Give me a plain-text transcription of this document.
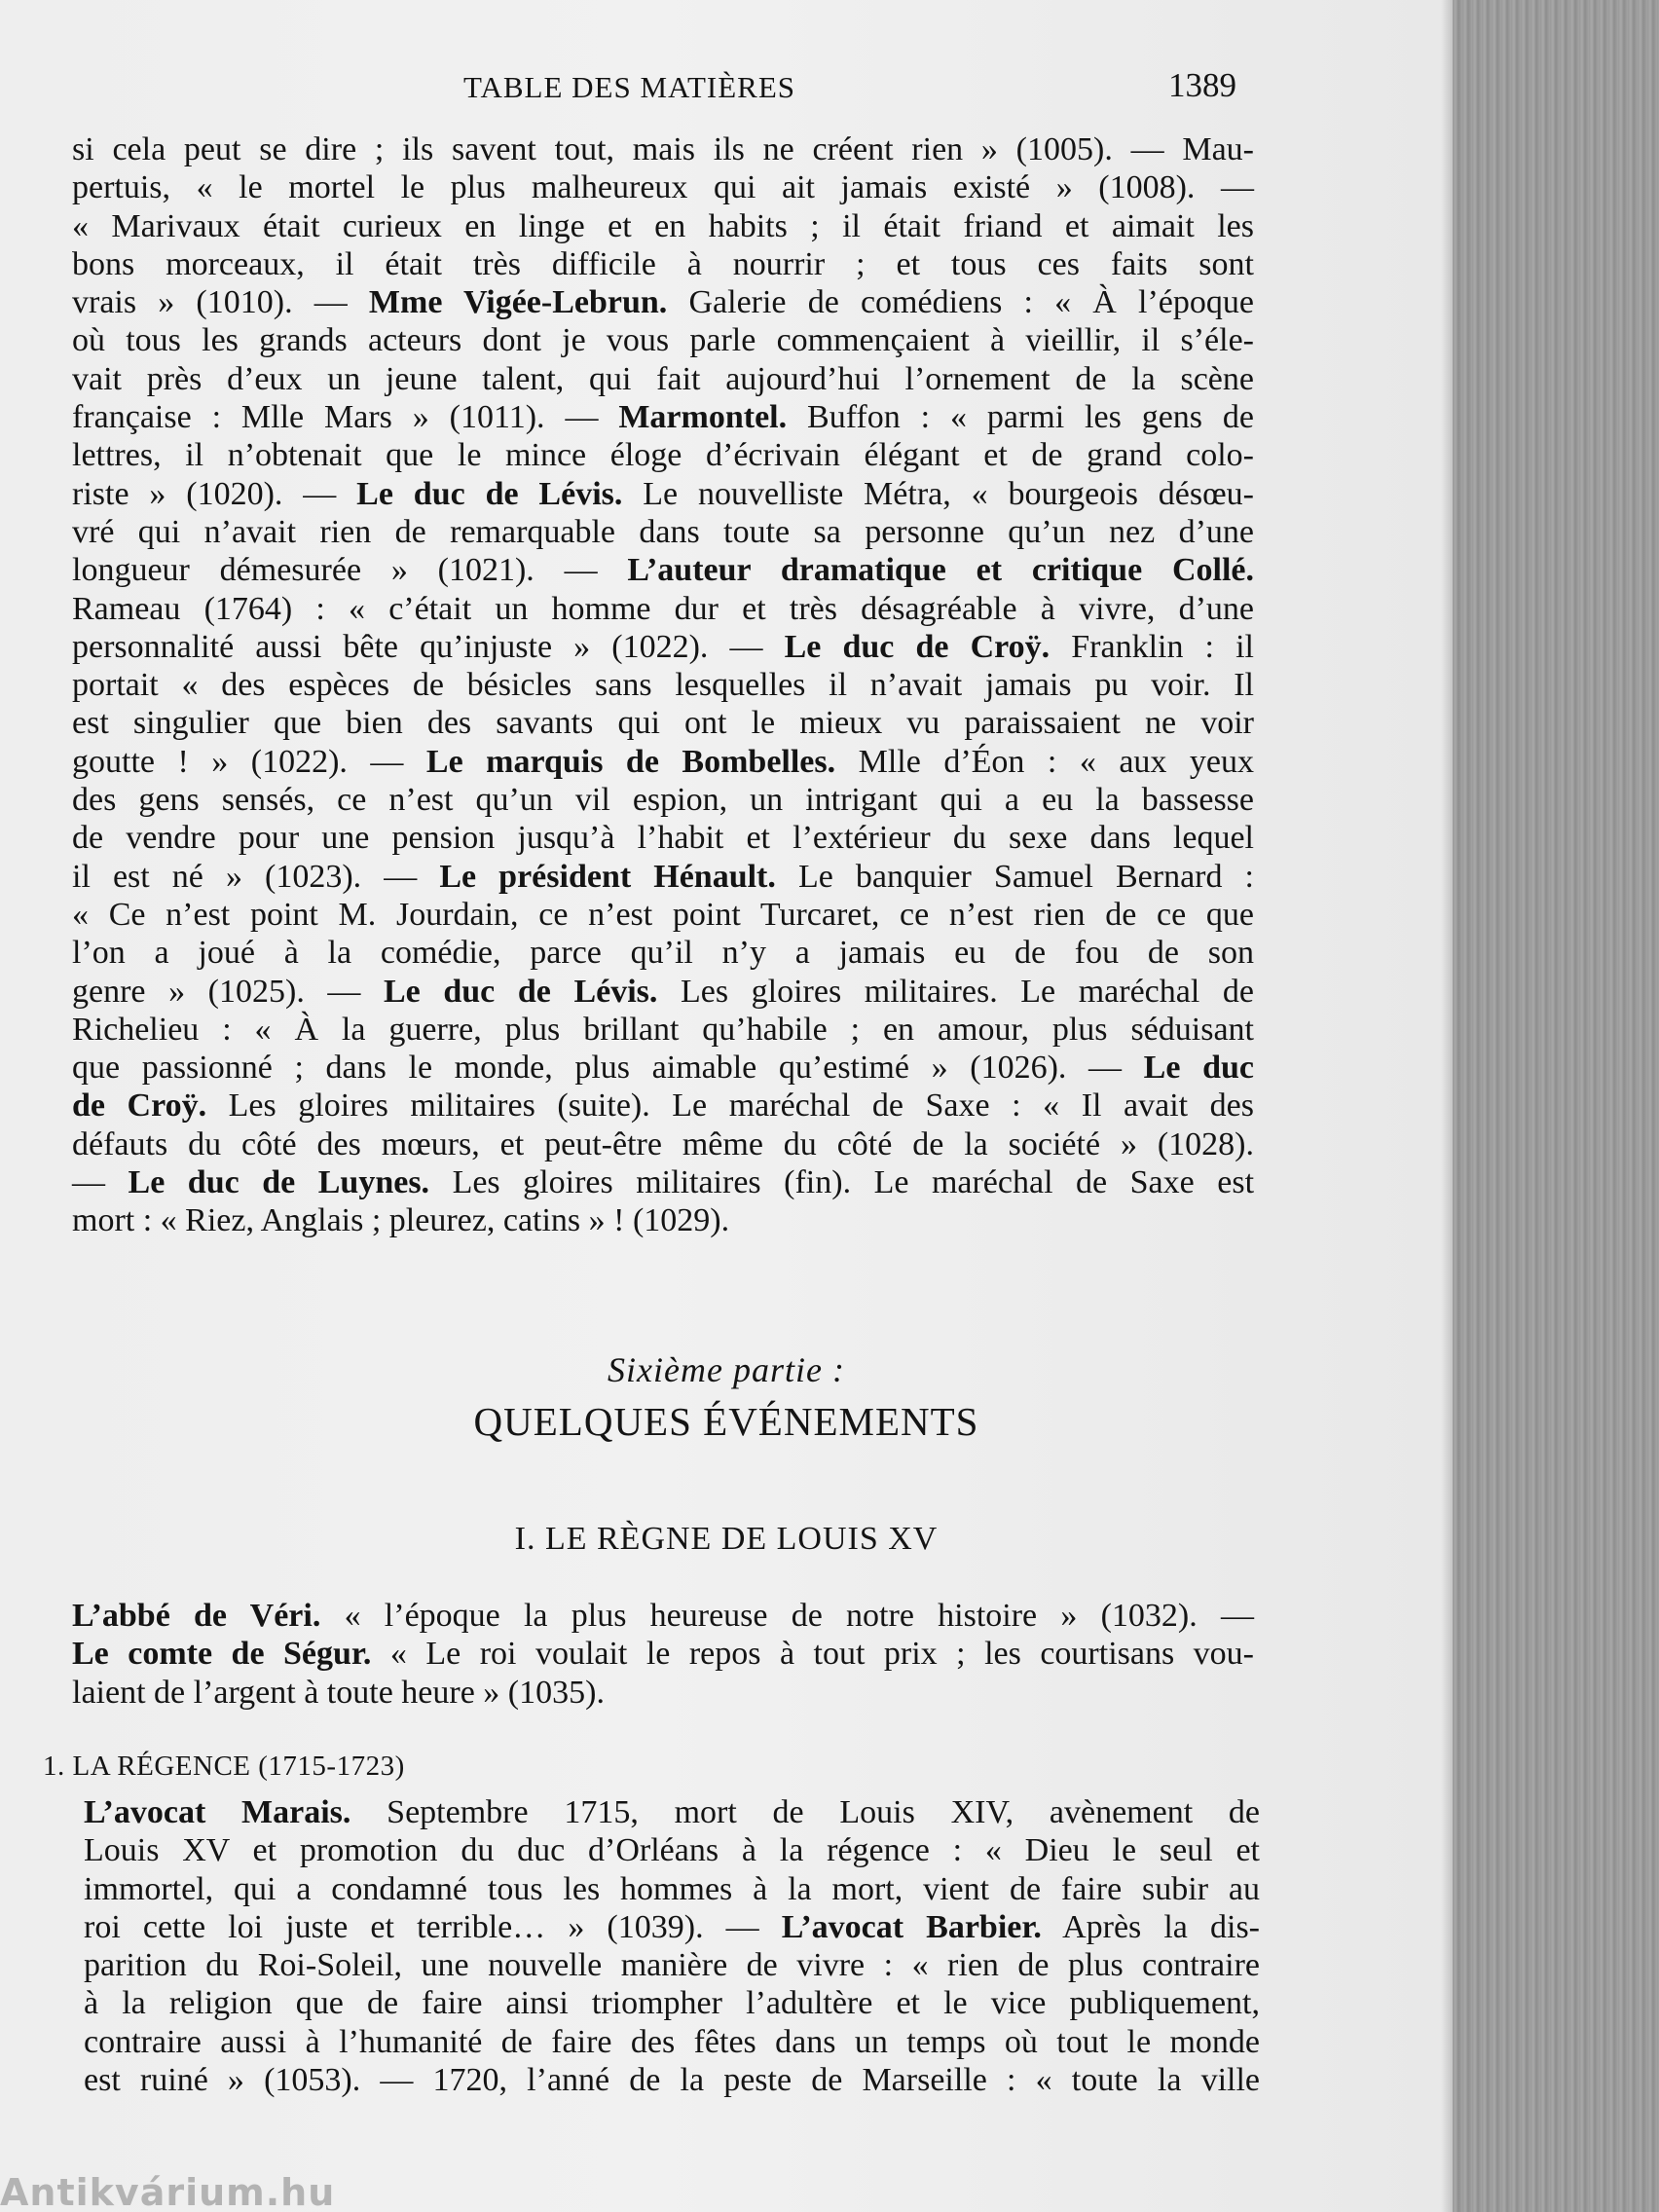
TABLE DES MATIÈRES	1389
si cela peut se dire ; ils savent tout, mais ils ne créent rien » (1005). — Mau-
pertuis, « le mortel le plus malheureux qui ait jamais existé » (1008). —
« Marivaux était curieux en linge et en habits ; il était friand et aimait les
bons morceaux, il était très difficile à nourrir ; et tous ces faits sont
vrais » (1010). — Mme Vigée-Lebrun. Galerie de comédiens : « À l’époque
où tous les grands acteurs dont je vous parle commençaient à vieillir, il s’éle-
vait près d’eux un jeune talent, qui fait aujourd’hui l’ornement de la scène
française : Mlle Mars » (1011). — Marmontel. Buffon : « parmi les gens de
lettres, il n’obtenait que le mince éloge d’écrivain élégant et de grand colo-
riste » (1020). — Le duc de Lévis. Le nouvelliste Métra, « bourgeois désœu-
vré qui n’avait rien de remarquable dans toute sa personne qu’un nez d’une
longueur démesurée » (1021). — L’auteur dramatique et critique Collé.
Rameau (1764) : « c’était un homme dur et très désagréable à vivre, d’une
personnalité aussi bête qu’injuste » (1022). — Le duc de Croÿ. Franklin : il
portait « des espèces de bésicles sans lesquelles il n’avait jamais pu voir. Il
est singulier que bien des savants qui ont le mieux vu paraissaient ne voir
goutte ! » (1022). — Le marquis de Bombelles. Mlle d’Éon : « aux yeux
des gens sensés, ce n’est qu’un vil espion, un intrigant qui a eu la bassesse
de vendre pour une pension jusqu’à l’habit et l’extérieur du sexe dans lequel
il est né » (1023). — Le président Hénault. Le banquier Samuel Bernard :
« Ce n’est point M. Jourdain, ce n’est point Turcaret, ce n’est rien de ce que
l’on a joué à la comédie, parce qu’il n’y a jamais eu de fou de son
genre » (1025). — Le duc de Lévis. Les gloires militaires. Le maréchal de
Richelieu : « À la guerre, plus brillant qu’habile ; en amour, plus séduisant
que passionné ; dans le monde, plus aimable qu’estimé » (1026). — Le duc
de Croÿ. Les gloires militaires (suite). Le maréchal de Saxe : « Il avait des
défauts du côté des mœurs, et peut-être même du côté de la société » (1028).
— Le duc de Luynes. Les gloires militaires (fin). Le maréchal de Saxe est
mort : « Riez, Anglais ; pleurez, catins » ! (1029).
Sixième partie :
QUELQUES ÉVÉNEMENTS
I. LE RÈGNE DE LOUIS XV
L’abbé de Véri. « l’époque la plus heureuse de notre histoire » (1032). —
Le comte de Ségur. « Le roi voulait le repos à tout prix ; les courtisans vou-
laient de l’argent à toute heure » (1035).
1. LA RÉGENCE (1715-1723)
L’avocat Marais. Septembre 1715, mort de Louis XIV, avènement de
Louis XV et promotion du duc d’Orléans à la régence : « Dieu le seul et
immortel, qui a condamné tous les hommes à la mort, vient de faire subir au
roi cette loi juste et terrible… » (1039). — L’avocat Barbier. Après la dis-
parition du Roi-Soleil, une nouvelle manière de vivre : « rien de plus contraire
à la religion que de faire ainsi triompher l’adultère et le vice publiquement,
contraire aussi à l’humanité de faire des fêtes dans un temps où tout le monde
est ruiné » (1053). — 1720, l’anné de la peste de Marseille : « toute la ville
Antikvárium.hu
